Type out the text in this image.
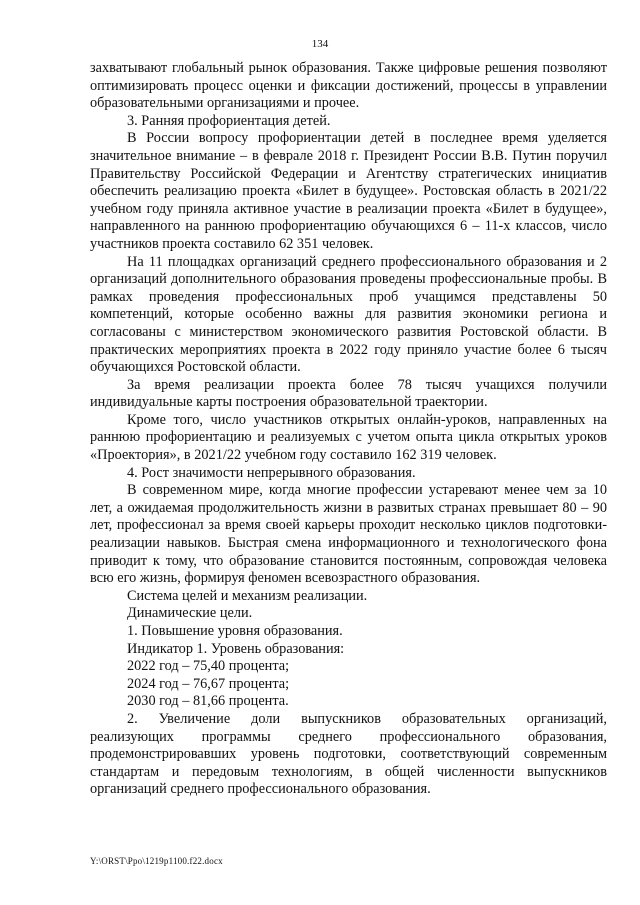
134

захватывают глобальный рынок образования. Также цифровые решения позволяют оптимизировать процесс оценки и фиксации достижений, процессы в управлении образовательными организациями и прочее.

3. Ранняя профориентация детей.

В России вопросу профориентации детей в последнее время уделяется значительное внимание – в феврале 2018 г. Президент России В.В. Путин поручил Правительству Российской Федерации и Агентству стратегических инициатив обеспечить реализацию проекта «Билет в будущее». Ростовская область в 2021/22 учебном году приняла активное участие в реализации проекта «Билет в будущее», направленного на раннюю профориентацию обучающихся 6 – 11-х классов, число участников проекта составило 62 351 человек.

На 11 площадках организаций среднего профессионального образования и 2 организаций дополнительного образования проведены профессиональные пробы. В рамках проведения профессиональных проб учащимся представлены 50 компетенций, которые особенно важны для развития экономики региона и согласованы с министерством экономического развития Ростовской области. В практических мероприятиях проекта в 2022 году приняло участие более 6 тысяч обучающихся Ростовской области.

За время реализации проекта более 78 тысяч учащихся получили индивидуальные карты построения образовательной траектории.

Кроме того, число участников открытых онлайн-уроков, направленных на раннюю профориентацию и реализуемых с учетом опыта цикла открытых уроков «Проектория», в 2021/22 учебном году составило 162 319 человек.

4. Рост значимости непрерывного образования.

В современном мире, когда многие профессии устаревают менее чем за 10 лет, а ожидаемая продолжительность жизни в развитых странах превышает 80 – 90 лет, профессионал за время своей карьеры проходит несколько циклов подготовки-реализации навыков. Быстрая смена информационного и технологического фона приводит к тому, что образование становится постоянным, сопровождая человека всю его жизнь, формируя феномен всевозрастного образования.

Система целей и механизм реализации.

Динамические цели.

1. Повышение уровня образования.

Индикатор 1. Уровень образования:

2022 год – 75,40 процента;

2024 год – 76,67 процента;

2030 год – 81,66 процента.

2. Увеличение доли выпускников образовательных организаций, реализующих программы среднего профессионального образования, продемонстрировавших уровень подготовки, соответствующий современным стандартам и передовым технологиям, в общей численности выпускников организаций среднего профессионального образования.

Y:\ORST\Ppo\1219p1100.f22.docx
